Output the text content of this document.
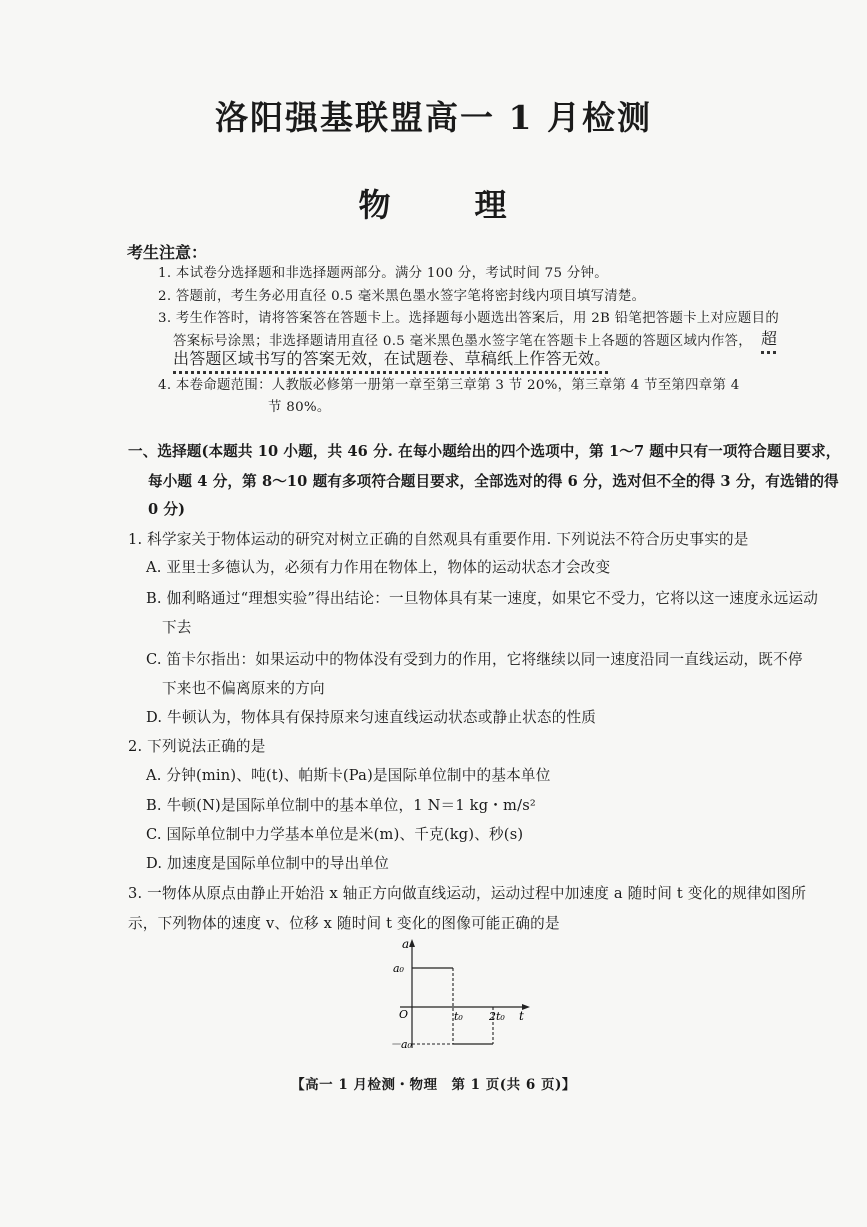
洛阳强基联盟高一 1 月检测
物	理
考生注意：
1. 本试卷分选择题和非选择题两部分。满分 100 分，考试时间 75 分钟。
2. 答题前，考生务必用直径 0.5 毫米黑色墨水签字笔将密封线内项目填写清楚。
3. 考生作答时，请将答案答在答题卡上。选择题每小题选出答案后，用 2B 铅笔把答题卡上对应题目的
答案标号涂黑；非选择题请用直径 0.5 毫米黑色墨水签字笔在答题卡上各题的答题区域内作答， 超
出答题区域书写的答案无效，在试题卷、草稿纸上作答无效。
4. 本卷命题范围：人教版必修第一册第一章至第三章第 3 节 20%，第三章第 4 节至第四章第 4
节 80%。
一、选择题(本题共 10 小题，共 46 分. 在每小题给出的四个选项中，第 1～7 题中只有一项符合题目要求，
每小题 4 分，第 8～10 题有多项符合题目要求，全部选对的得 6 分，选对但不全的得 3 分，有选错的得
0 分)
1. 科学家关于物体运动的研究对树立正确的自然观具有重要作用. 下列说法不符合历史事实的是
A. 亚里士多德认为，必须有力作用在物体上，物体的运动状态才会改变
B. 伽利略通过“理想实验”得出结论：一旦物体具有某一速度，如果它不受力，它将以这一速度永远运动
下去
C. 笛卡尔指出：如果运动中的物体没有受到力的作用，它将继续以同一速度沿同一直线运动，既不停
下来也不偏离原来的方向
D. 牛顿认为，物体具有保持原来匀速直线运动状态或静止状态的性质
2. 下列说法正确的是
A. 分钟(min)、吨(t)、帕斯卡(Pa)是国际单位制中的基本单位
B. 牛顿(N)是国际单位制中的基本单位，1 N＝1 kg・m/s²
C. 国际单位制中力学基本单位是米(m)、千克(kg)、秒(s)
D. 加速度是国际单位制中的导出单位
3. 一物体从原点由静止开始沿 x 轴正方向做直线运动，运动过程中加速度 a 随时间 t 变化的规律如图所
示，下列物体的速度 v、位移 x 随时间 t 变化的图像可能正确的是
a
a₀
O	t₀ 2t₀ t
－a₀
【高一 1 月检测・物理　第 1 页(共 6 页)】
